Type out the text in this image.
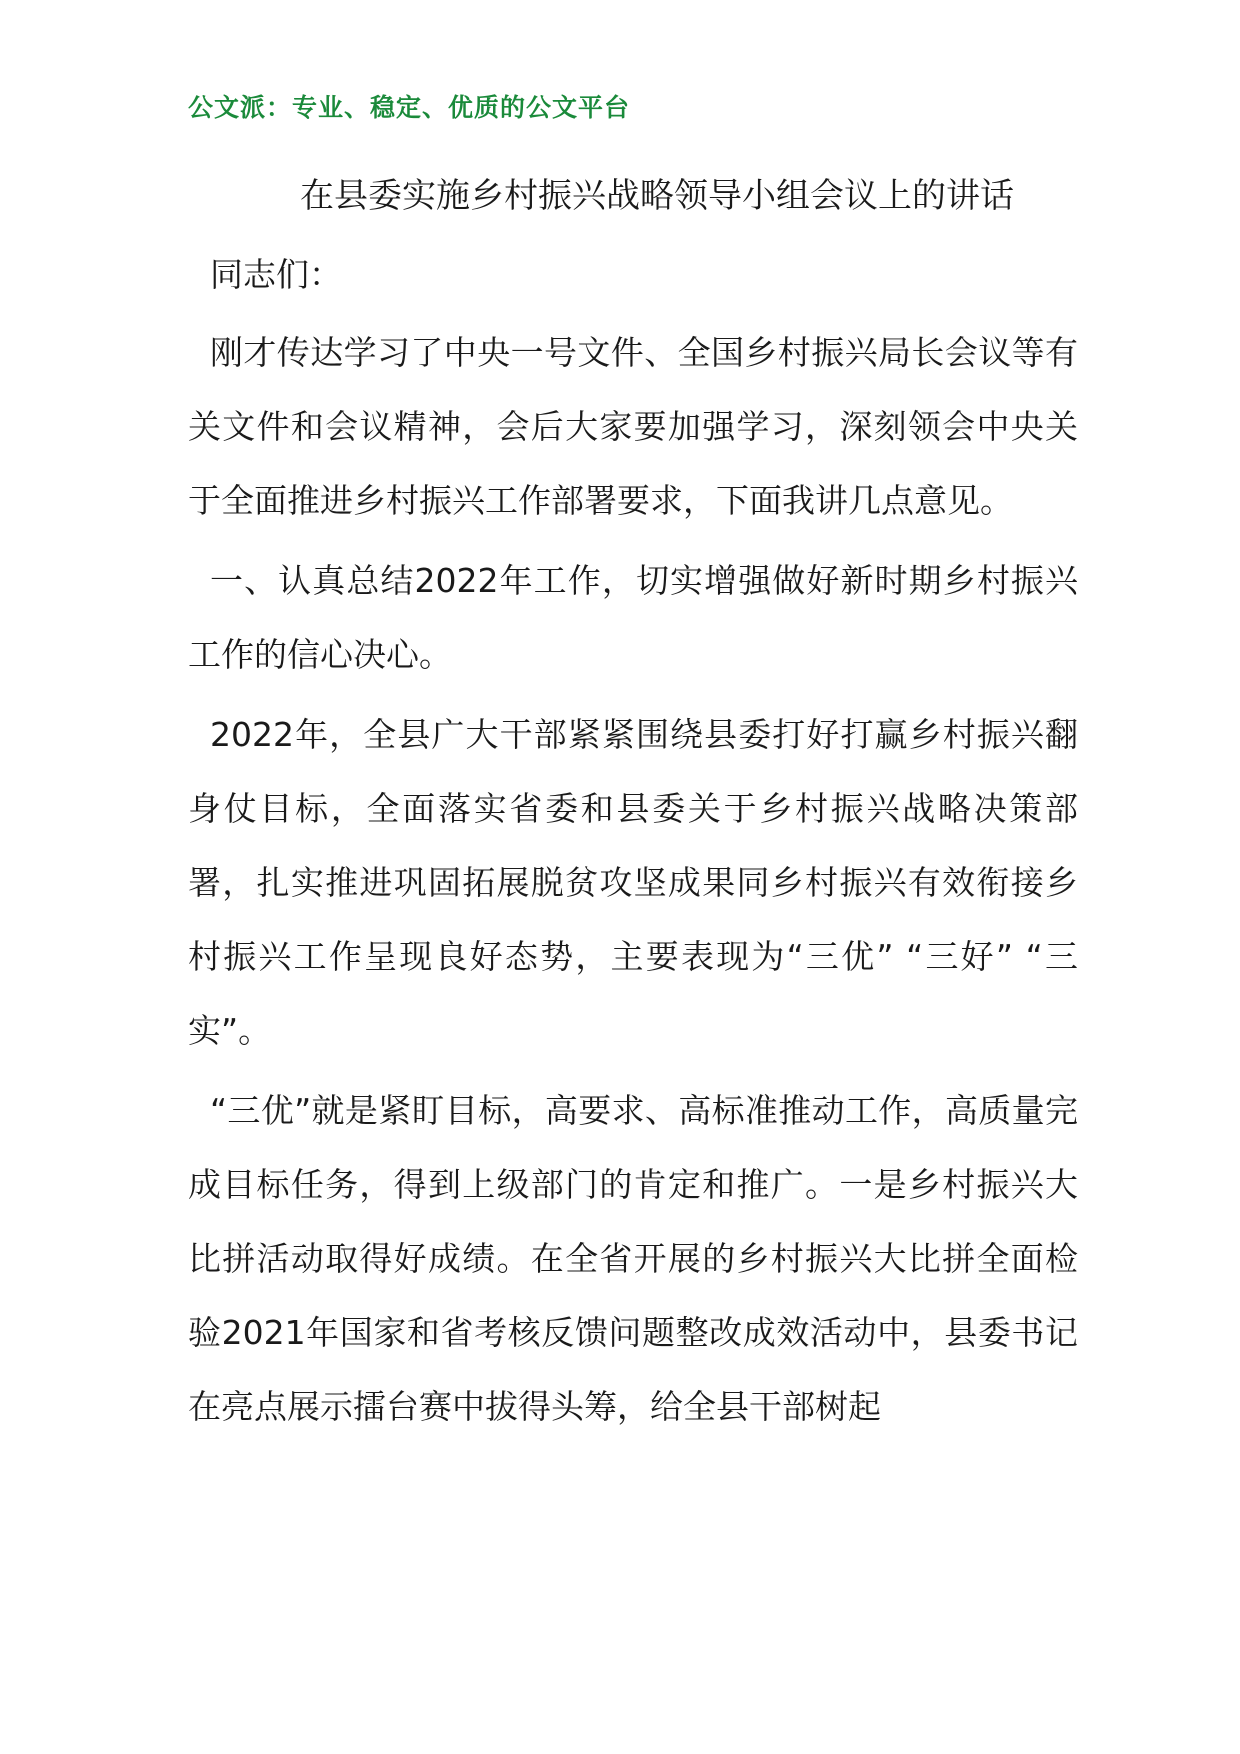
公文派：专业、稳定、优质的公文平台
在县委实施乡村振兴战略领导小组会议上的讲话

同志们：

刚才传达学习了中央一号文件、全国乡村振兴局长会议等有关文件和会议精神，会后大家要加强学习，深刻领会中央关于全面推进乡村振兴工作部署要求，下面我讲几点意见。

一、认真总结2022年工作，切实增强做好新时期乡村振兴工作的信心决心。

2022年，全县广大干部紧紧围绕县委打好打赢乡村振兴翻身仗目标，全面落实省委和县委关于乡村振兴战略决策部署，扎实推进巩固拓展脱贫攻坚成果同乡村振兴有效衔接乡村振兴工作呈现良好态势，主要表现为“三优” “三好” “三实”。

“三优”就是紧盯目标，高要求、高标准推动工作，高质量完成目标任务，得到上级部门的肯定和推广。一是乡村振兴大比拼活动取得好成绩。在全省开展的乡村振兴大比拼全面检验2021年国家和省考核反馈问题整改成效活动中，县委书记在亮点展示擂台赛中拔得头筹，给全县干部树起
